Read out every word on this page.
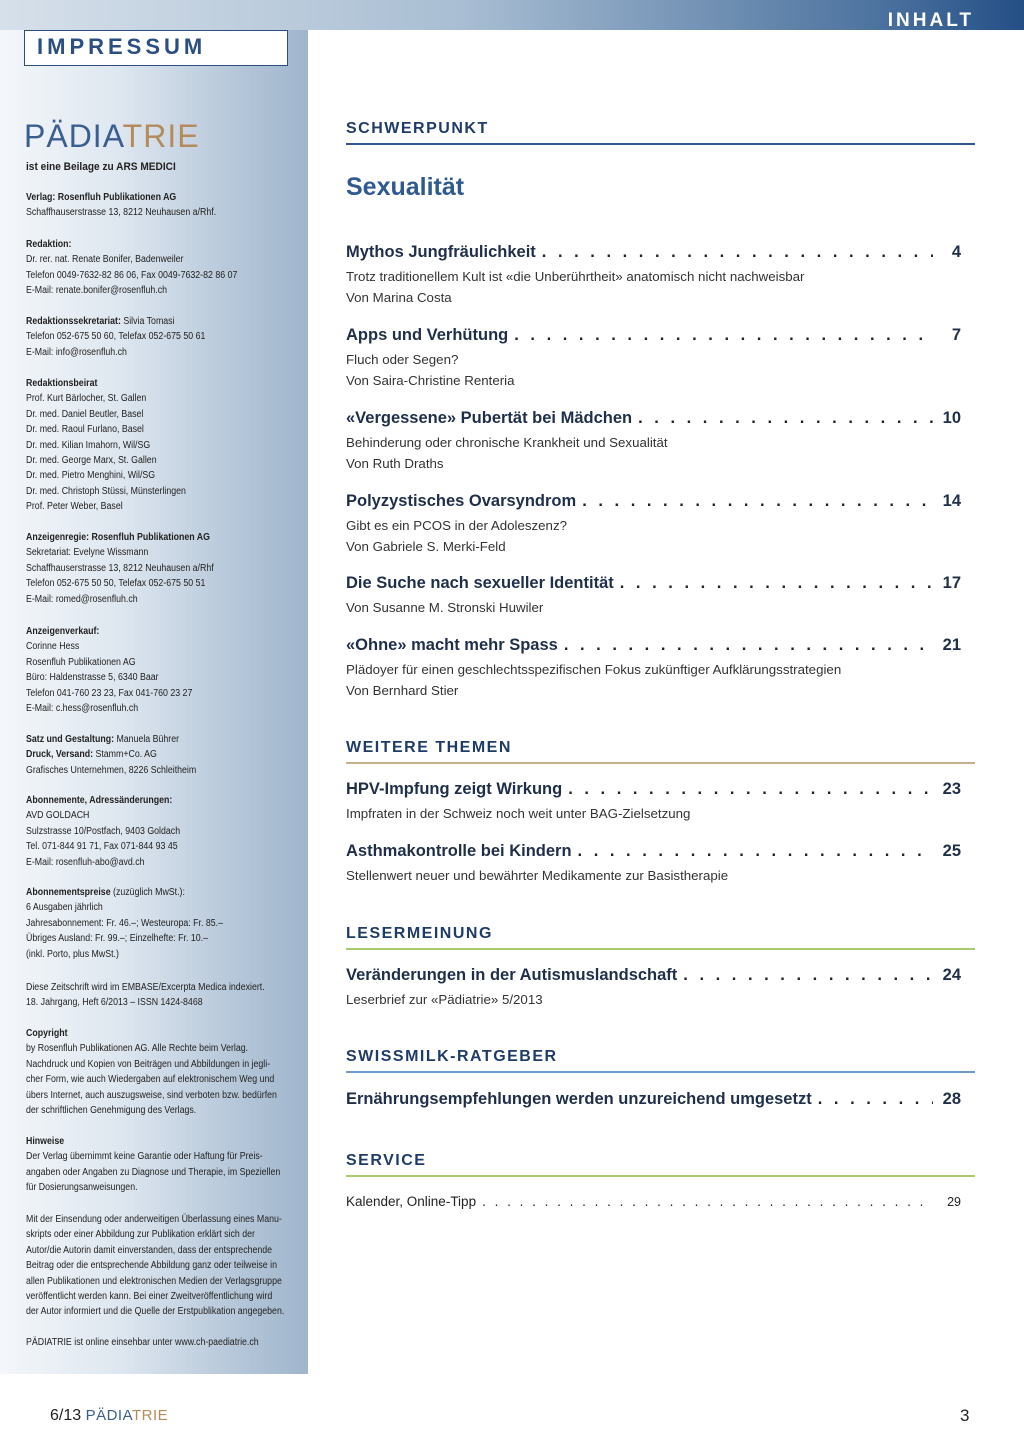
INHALT
IMPRESSUM
PÄDIATRIE
ist eine Beilage zu ARS MEDICI
Verlag: Rosenfluh Publikationen AG
Schaffhauserstrasse 13, 8212 Neuhausen a/Rhf.
Redaktion:
Dr. rer. nat. Renate Bonifer, Badenweiler
Telefon 0049-7632-82 86 06, Fax 0049-7632-82 86 07
E-Mail: renate.bonifer@rosenfluh.ch
Redaktionssekretariat: Silvia Tomasi
Telefon 052-675 50 60, Telefax 052-675 50 61
E-Mail: info@rosenfluh.ch
Redaktionsbeirat
Prof. Kurt Bärlocher, St. Gallen
Dr. med. Daniel Beutler, Basel
Dr. med. Raoul Furlano, Basel
Dr. med. Kilian Imahorn, Wil/SG
Dr. med. George Marx, St. Gallen
Dr. med. Pietro Menghini, Wil/SG
Dr. med. Christoph Stüssi, Münsterlingen
Prof. Peter Weber, Basel
Anzeigenregie: Rosenfluh Publikationen AG
Sekretariat: Evelyne Wissmann
Schaffhauserstrasse 13, 8212 Neuhausen a/Rhf
Telefon 052-675 50 50, Telefax 052-675 50 51
E-Mail: romed@rosenfluh.ch
Anzeigenverkauf:
Corinne Hess
Rosenfluh Publikationen AG
Büro: Haldenstrasse 5, 6340 Baar
Telefon 041-760 23 23, Fax 041-760 23 27
E-Mail: c.hess@rosenfluh.ch
Satz und Gestaltung: Manuela Bührer
Druck, Versand: Stamm+Co. AG
Grafisches Unternehmen, 8226 Schleitheim
Abonnemente, Adressänderungen:
AVD GOLDACH
Sulzstrasse 10/Postfach, 9403 Goldach
Tel. 071-844 91 71, Fax 071-844 93 45
E-Mail: rosenfluh-abo@avd.ch
Abonnementspreise (zuzüglich MwSt.):
6 Ausgaben jährlich
Jahresabonnement: Fr. 46.–; Westeuropa: Fr. 85.–
Übriges Ausland: Fr. 99.–; Einzelhefte: Fr. 10.–
(inkl. Porto, plus MwSt.)
Diese Zeitschrift wird im EMBASE/Excerpta Medica indexiert.
18. Jahrgang, Heft 6/2013 – ISSN 1424-8468
Copyright
by Rosenfluh Publikationen AG. Alle Rechte beim Verlag.
Nachdruck und Kopien von Beiträgen und Abbildungen in jegli-
cher Form, wie auch Wiedergaben auf elektronischem Weg und
übers Internet, auch auszugsweise, sind verboten bzw. bedürfen
der schriftlichen Genehmigung des Verlags.
Hinweise
Der Verlag übernimmt keine Garantie oder Haftung für Preis-
angaben oder Angaben zu Diagnose und Therapie, im Speziellen
für Dosierungsanweisungen.
Mit der Einsendung oder anderweitigen Überlassung eines Manu-
skripts oder einer Abbildung zur Publikation erklärt sich der
Autor/die Autorin damit einverstanden, dass der entsprechende
Beitrag oder die entsprechende Abbildung ganz oder teilweise in
allen Publikationen und elektronischen Medien der Verlagsgruppe
veröffentlicht werden kann. Bei einer Zweitveröffentlichung wird
der Autor informiert und die Quelle der Erstpublikation angegeben.
PÄDIATRIE ist online einsehbar unter www.ch-paediatrie.ch
SCHWERPUNKT
Sexualität
Mythos Jungfräulichkeit . . .	4
Trotz traditionellem Kult ist «die Unberührtheit» anatomisch nicht nachweisbar
Von Marina Costa
Apps und Verhütung . . .	7
Fluch oder Segen?
Von Saira-Christine Renteria
«Vergessene» Pubertät bei Mädchen . . .	10
Behinderung oder chronische Krankheit und Sexualität
Von Ruth Draths
Polyzystisches Ovarsyndrom . . .	14
Gibt es ein PCOS in der Adoleszenz?
Von Gabriele S. Merki-Feld
Die Suche nach sexueller Identität . . .	17
Von Susanne M. Stronski Huwiler
«Ohne» macht mehr Spass . . .	21
Plädoyer für einen geschlechtsspezifischen Fokus zukünftiger Aufklärungsstrategien
Von Bernhard Stier
HPV-Impfung zeigt Wirkung . . .	23
Impfraten in der Schweiz noch weit unter BAG-Zielsetzung
Asthmakontrolle bei Kindern . . .	25
Stellenwert neuer und bewährter Medikamente zur Basistherapie
Veränderungen in der Autismuslandschaft . . .	24
Leserbrief zur «Pädiatrie» 5/2013
Ernährungsempfehlungen werden unzureichend umgesetzt . . .	28
Kalender, Online-Tipp . . .	29
WEITERE THEMEN
LESERMEINUNG
SWISSMILK-RATGEBER
SERVICE
6/13 PÄDIATRIE	3
